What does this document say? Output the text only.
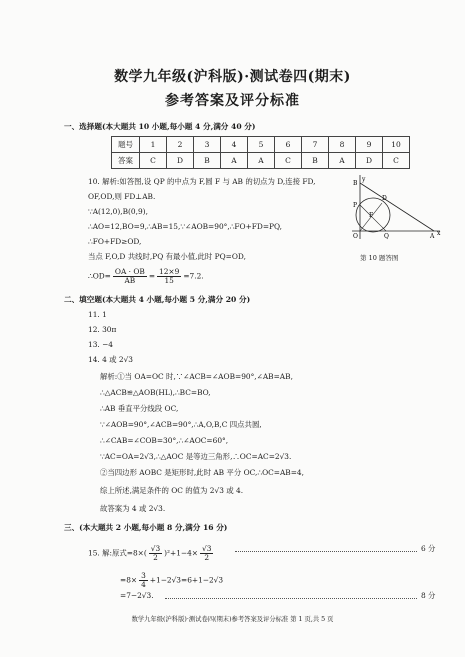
数学九年级(沪科版)·测试卷四(期末)
参考答案及评分标准
一、选择题(本大题共 10 小题,每小题 4 分,满分 40 分)
题号	1	2	3	4	5	6	7	8	9	10
答案	C	D	B	A	A	C	B	A	D	C
10. 解析:如答图,设 QP 的中点为 F,圆 F 与 AB 的切点为 D,连接 FD,
OF,OD,则 FD⊥AB.
∵A(12,0),B(0,9),
∴AO=12,BO=9,∴AB=15,∵∠AOB=90°,∴FO+FD=PQ,
∴FO+FD≥OD,
当点 F,O,D 共线时,PQ 有最小值,此时 PQ=OD,
∴OD= $\frac{OA \cdot OB}{AB} = \frac{12\times 9}{15} =7.2$.
y
B
D
F
P
O	Q	A x
第 10 题答图
二、填空题(本大题共 4 小题,每小题 5 分,满分 20 分)
11. 1
12. 30π
13. −4
14. 4 或 2√3
解析:①当 OA=OC 时,∵∠ACB=∠AOB=90°,∠AB=AB,
∴△ACB≌△AOB(HL),∴BC=BO,
∴AB 垂直平分线段 OC,
∵∠AOB=90°,∠ACB=90°,∴A,O,B,C 四点共圆,
∴∠CAB=∠COB=30°,∴∠AOC=60°,
∵AC=OA=2√3,∴△AOC 是等边三角形,∴OC=AC=2√3.
②当四边形 AOBC 是矩形时,此时 AB 平分 OC,∴OC=AB=4,
综上所述,满足条件的 OC 的值为 2√3 或 4.
故答案为 4 或 2√3.
三、(本大题共 2 小题,每小题 8 分,满分 16 分)
15. 解:原式$=8\times( \frac{√3}{2} )^2+1-4\times \frac{√3}{2}$	6 分
$=8\times \frac{3}{4} +1-2√3=6+1-2√3$
=7−2√3.	8 分
数学九年级(沪科版)·测试卷四(期末)参考答案及评分标准 第 1 页,共 5 页
